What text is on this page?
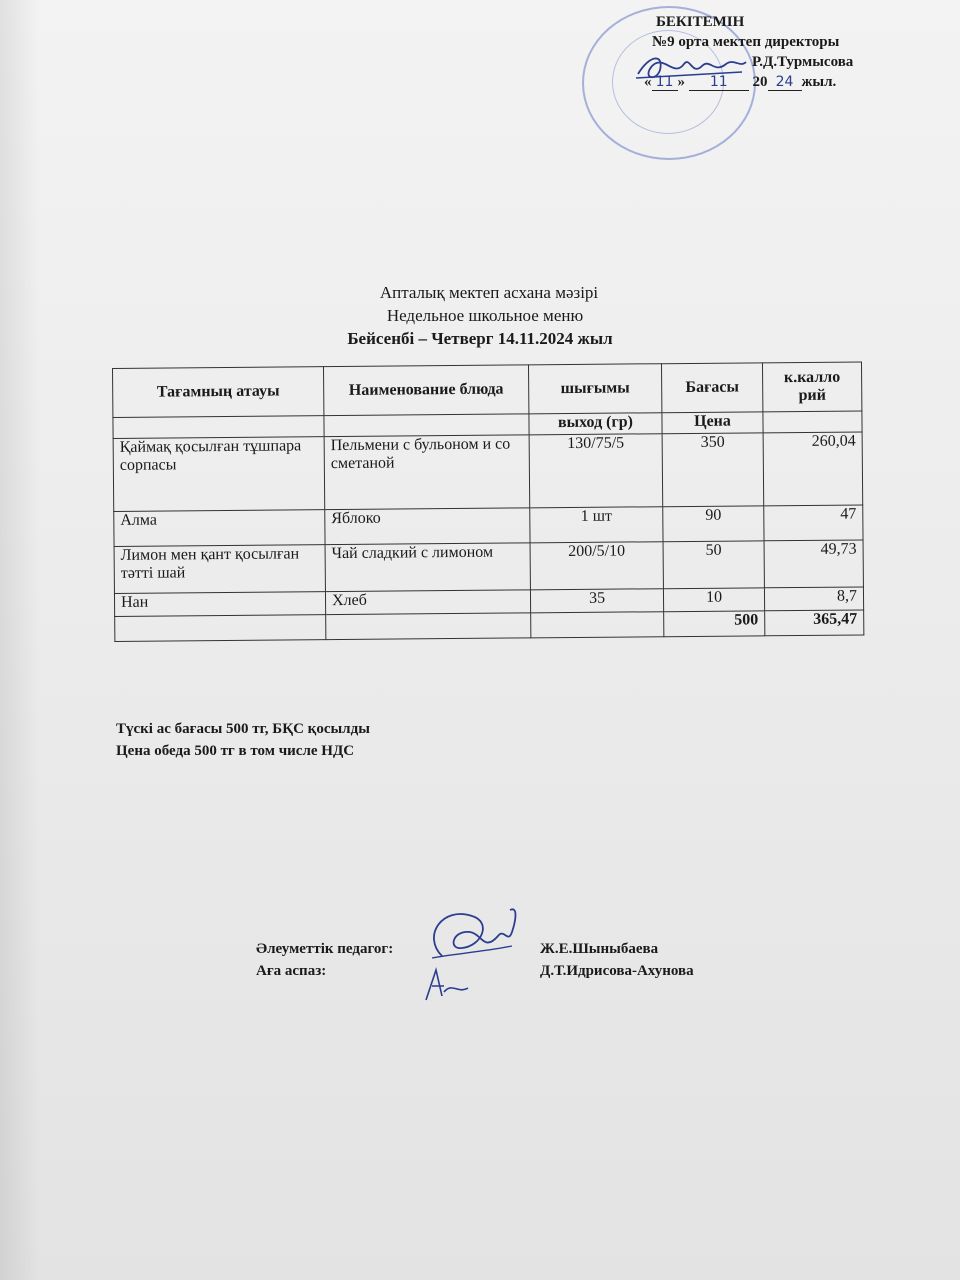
БЕКІТЕМІН
№9 орта мектеп директоры
Р.Д.Турмысова
« 11 » 11 20 24 жыл.
Апталық мектеп асхана мәзірі
Недельное школьное меню
Бейсенбі – Четверг 14.11.2024 жыл
Тағамның атауы	Наименование блюда	шығымы	Бағасы	к.калло рий
		выход (гр)	Цена	
Қаймақ қосылған тұшпара сорпасы	Пельмени с бульоном и со сметаной	130/75/5	350	260,04
Алма	Яблоко	1 шт	90	47
Лимон мен қант қосылған тәтті шай	Чай сладкий с лимоном	200/5/10	50	49,73
Нан	Хлеб	35	10	8,7
			500	365,47
Түскі ас бағасы 500 тг, БҚС қосылды
Цена обеда 500 тг в том числе НДС
Әлеуметтік педагог:	Ж.Е.Шыныбаева
Аға аспаз:	Д.Т.Идрисова-Ахунова
